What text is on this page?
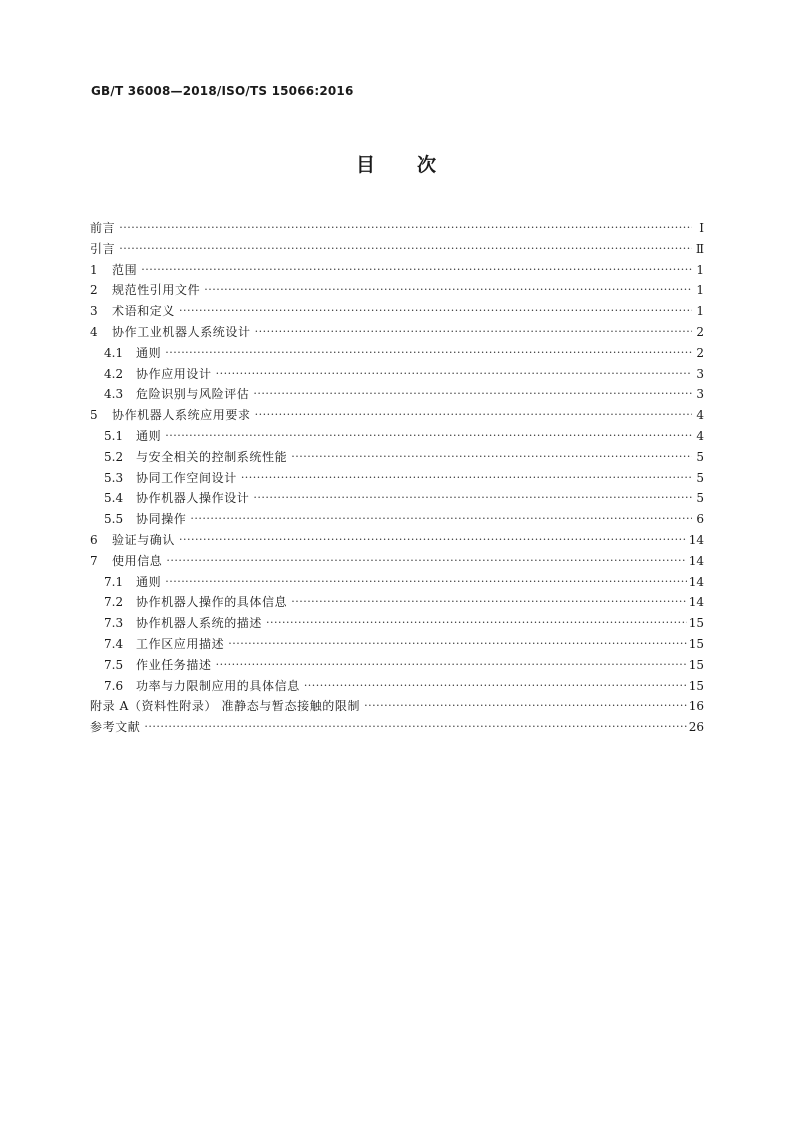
GB/T 36008—2018/ISO/TS 15066:2016
目 次
前言 ·····	Ⅰ
引言 ·····	Ⅱ
1	范围 ·····	1
2	规范性引用文件 ·····	1
3	术语和定义 ·····	1
4	协作工业机器人系统设计 ·····	2
4.1	通则 ·····	2
4.2	协作应用设计 ·····	3
4.3	危险识别与风险评估 ·····	3
5	协作机器人系统应用要求 ·····	4
5.1	通则 ·····	4
5.2	与安全相关的控制系统性能 ·····	5
5.3	协同工作空间设计 ·····	5
5.4	协作机器人操作设计 ·····	5
5.5	协同操作 ·····	6
6	验证与确认 ·····	14
7	使用信息 ·····	14
7.1	通则 ·····	14
7.2	协作机器人操作的具体信息 ·····	14
7.3	协作机器人系统的描述 ·····	15
7.4	工作区应用描述 ·····	15
7.5	作业任务描述 ·····	15
7.6	功率与力限制应用的具体信息 ·····	15
附录 A（资料性附录） 准静态与暂态接触的限制 ·····	16
参考文献 ·····	26
